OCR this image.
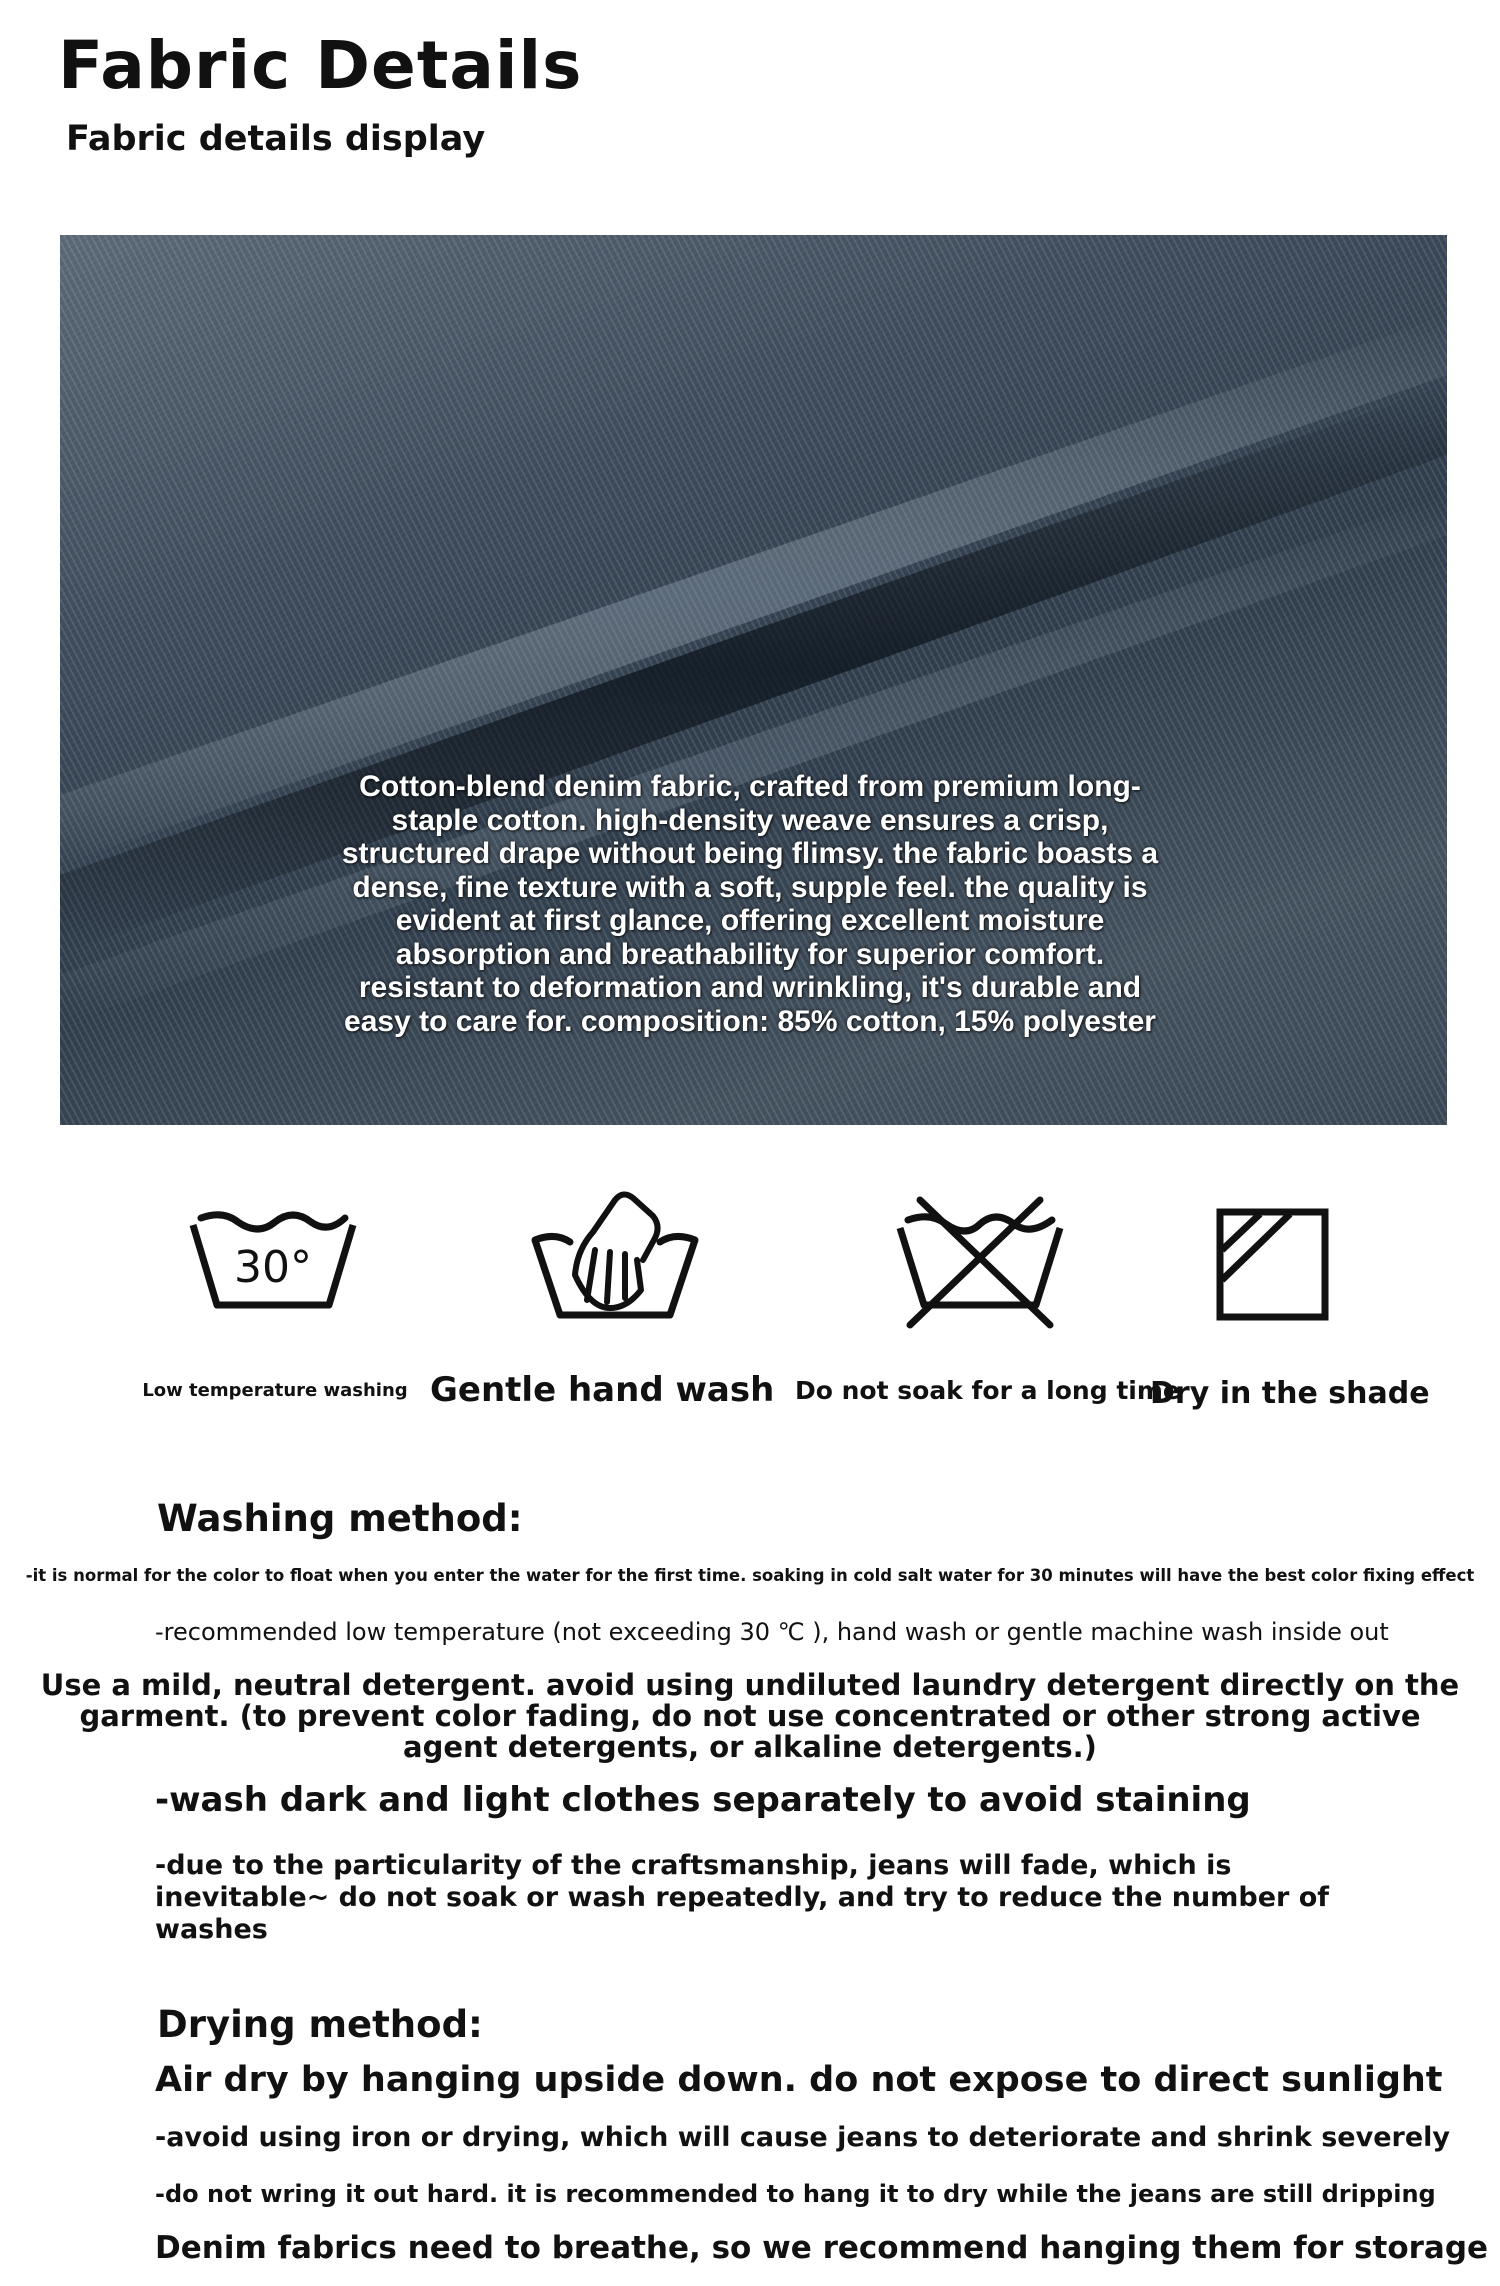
Fabric Details
Fabric details display
Cotton-blend denim fabric, crafted from premium long-staple cotton. high-density weave ensures a crisp, structured drape without being flimsy. the fabric boasts a dense, fine texture with a soft, supple feel. the quality is evident at first glance, offering excellent moisture absorption and breathability for superior comfort. resistant to deformation and wrinkling, it's durable and easy to care for. composition: 85% cotton, 15% polyester
30°
Low temperature washing Gentle hand wash Do not soak for a long time
Dry in the shade
Washing method:
-it is normal for the color to float when you enter the water for the first time. soaking in cold salt water for 30 minutes will have the best color fixing effect
-recommended low temperature (not exceeding 30 ℃ ), hand wash or gentle machine wash inside out
Use a mild, neutral detergent. avoid using undiluted laundry detergent directly on the garment. (to prevent color fading, do not use concentrated or other strong active agent detergents, or alkaline detergents.)
-wash dark and light clothes separately to avoid staining
-due to the particularity of the craftsmanship, jeans will fade, which is inevitable~ do not soak or wash repeatedly, and try to reduce the number of washes
Drying method:
Air dry by hanging upside down. do not expose to direct sunlight
-avoid using iron or drying, which will cause jeans to deteriorate and shrink severely
-do not wring it out hard. it is recommended to hang it to dry while the jeans are still dripping
Denim fabrics need to breathe, so we recommend hanging them for storage
